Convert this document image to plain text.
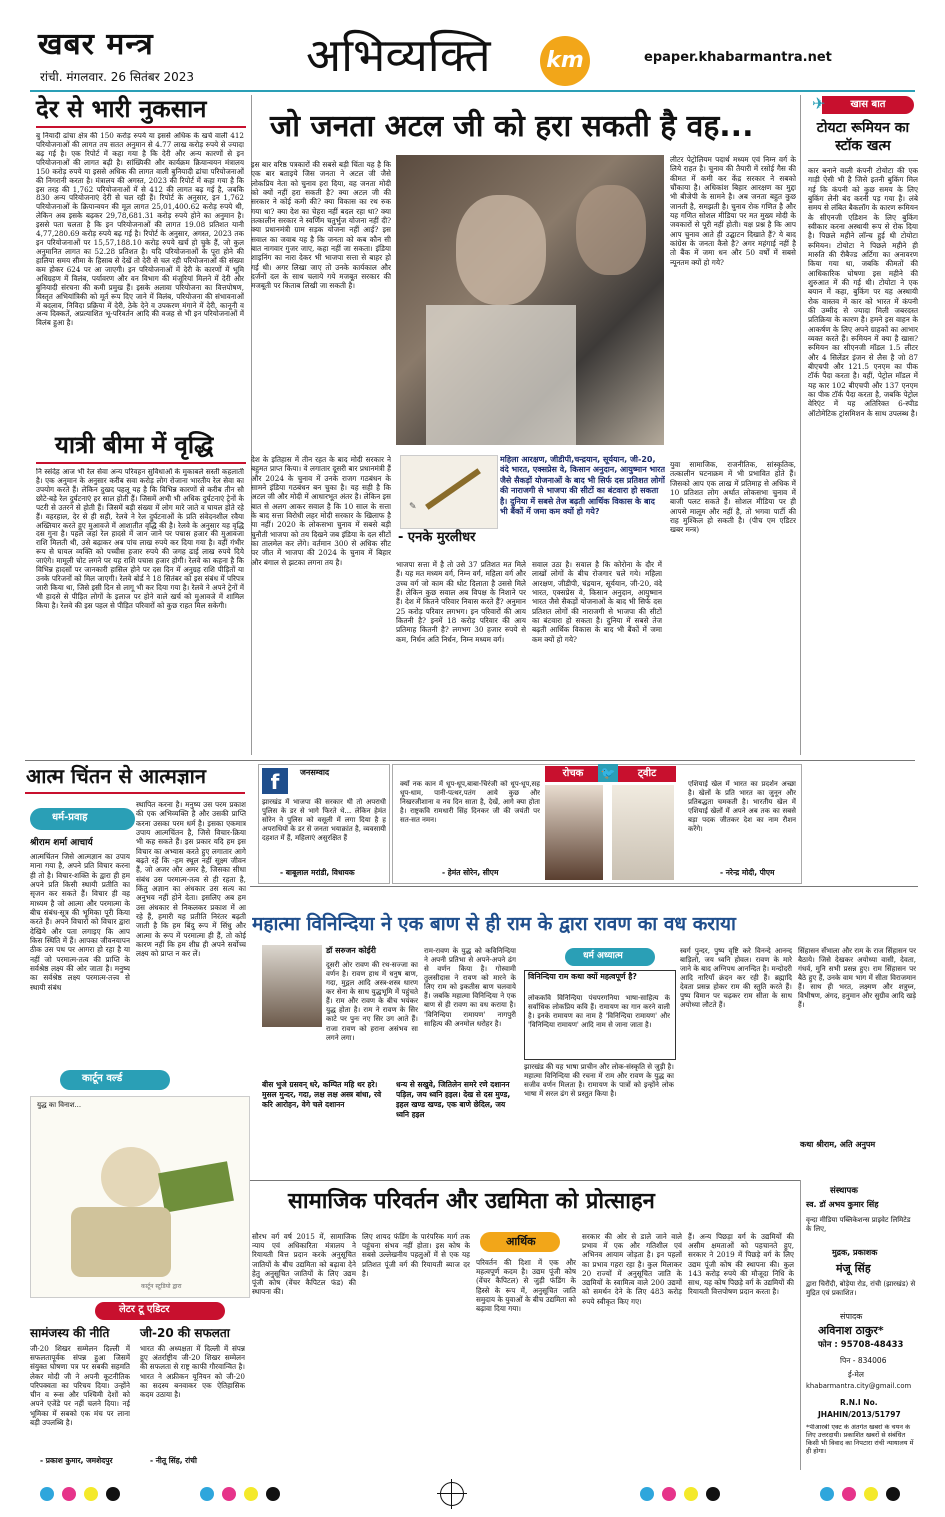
खबर मन्त्र
रांची. मंगलवार. 26 सितंबर 2023 अभिव्यक्ति	km	epaper.khabarmantra.net
देर से भारी नुकसान
बु नियादी ढांचा क्षेत्र की 150 करोड़ रुपये या इससे अधिक के खर्च वाली 412 परियोजनाओं की लागत तय सतत अनुमान से 4.77 लाख करोड़ रुपये से ज्यादा बढ़ गई है। एक रिपोर्ट में कहा गया है कि देरी और अन्य कारणों से इन परियोजनाओं की लागत बढ़ी है। सांख्यिकी और कार्यक्रम क्रियान्वयन मंत्रालय 150 करोड़ रुपये या इससे अधिक की लागत वाली बुनियादी ढांचा परियोजनाओं की निगरानी करता है। मंत्रालय की अगस्त, 2023 की रिपोर्ट में कहा गया है कि इस तरह की 1,762 परियोजनाओं में से 412 की लागत बढ़ गई है, जबकि 830 अन्य परियोजनाएं देरी से चल रही हैं। रिपोर्ट के अनुसार, इन 1,762 परियोजनाओं के क्रियान्वयन की मूल लागत 25,01,400.62 करोड़ रुपये थी, लेकिन अब इसके बढ़कर 29,78,681.31 करोड़ रुपये होने का अनुमान है। इससे पता चलता है कि इन परियोजनाओं की लागत 19.08 प्रतिशत यानी 4,77,280.69 करोड़ रुपये बढ़ गई है। रिपोर्ट के अनुसार, अगस्त, 2023 तक इन परियोजनाओं पर 15,57,188.10 करोड़ रुपये खर्च हो चुके हैं, जो कुल अनुमानित लागत का 52.28 प्रतिशत है। यदि परियोजनाओं के पूरा होने की हालिया समय सीमा के हिसाब से देखें तो देरी से चल रही परियोजनाओं की संख्या कम होकर 624 पर आ जाएगी। इन परियोजनाओं में देरी के कारणों में भूमि अधिग्रहण में विलंब, पर्यावरण और वन विभाग की मंजूरियां मिलने में देरी और बुनियादी संरचना की कमी प्रमुख हैं। इसके अलावा परियोजना का वित्तपोषण, विस्तृत अभियांत्रिकी को मूर्त रूप दिए जाने में विलंब, परियोजना की संभावनाओं में बदलाव, निविदा प्रक्रिया में देरी, ठेके देने व उपकरण मंगाने में देरी, कानूनी व अन्य दिक्कतें, अप्रत्याशित भू-परिवर्तन आदि की वजह से भी इन परियोजनाओं में विलंब हुआ है।
यात्री बीमा में वृद्धि
नि स्संदेह आज भी रेल सेवा अन्य परिवहन सुविधाओं के मुकाबले सस्ती कहलाती है। एक अनुमान के अनुसार करीब सवा करोड़ लोग रोजाना भारतीय रेल सेवा का उपयोग करते हैं। लेकिन दुखद पहलू यह है कि विभिन्न कारणों से करीब तीन सौ छोटे-बड़े रेल दुर्घटनाएं हर साल होती हैं। जिसमें अभी भी अधिक दुर्घटनाएं ट्रेनों के पटरी से उतरने से होती हैं। जिसमें बड़ी संख्या में लोग मारे जाते व घायल होते रहे हैं। वहरहाल, देर से ही सही, रेलवे ने रेल दुर्घटनाओं के प्रति संवेदनशील रवैया अख्तियार करते हुए मुआवजे में आशातीत वृद्धि की है। रेलवे के अनुसार यह वृद्धि दस गुना है। पहले जहां रेल हादसे में जान जाने पर पचास हजार की मुआवजा राशि मिलती थी, उसे बढ़ाकर अब पांच लाख रुपये कर दिया गया है। वहीं गंभीर रूप से घायल व्यक्ति को पच्चीस हजार रुपये की जगह ढाई लाख रुपये दिये जाएंगे। मामूली चोट लगने पर यह राशि पचास हजार होगी। रेलवे का कहना है कि विभिन्न हादसों पर जानकारी हासिल होने पर दस दिन में अनुग्रह राशि पीड़ितों या उनके परिजनों को मिल जाएगी। रेलवे बोर्ड ने 18 सितंबर को इस संबंध में परिपत्र जारी किया था, जिसे इसी दिन से लागू भी कर दिया गया है। रेलवे ने अपने ट्रेनों में भी हादसे से पीड़ित लोगों के इलाज पर होने वाले खर्च को मुआवजे में शामिल किया है। रेलवे की इस पहल से पीड़ित परिवारों को कुछ राहत मिल सकेगी।
जो जनता अटल जी को हरा सकती है वह...
इस बार वरिष्ठ पत्रकारों की सबसे बड़ी चिंता यह है कि एक बार बताइये जिस जनता ने अटल जी जैसे लोकप्रिय नेता को चुनाव हरा दिया, वह जनता मोदी को क्यों नहीं हरा सकती है? क्या अटल जी की सरकार ने कोई कमी की? क्या विकास का रथ रुक गया था? क्या देश का चेहरा नहीं बदल रहा था? क्या तत्कालीन सरकार ने स्वर्णिम चतुर्भुज योजना नहीं दी? क्या प्रधानमंत्री ग्राम सड़क योजना नहीं आई? इस सवाल का जवाब यह है कि जनता को कब कौन सी बात नागवार गुजर जाए, कहा नहीं जा सकता। इंडिया शाइनिंग का नारा देकर भी भाजपा सत्ता से बाहर हो गई थी। अगर लिखा जाए तो उनके कार्यकाल और दर्जनों दल के साथ चलाये गये मजबूत सरकार की मजबूती पर किताब लिखी जा सकती है।
देश के इतिहास में तीन रहत के बाद मोदी सरकार ने बहुमत प्राप्त किया। वे लगातार दूसरी बार प्रधानमंत्री हैं और 2024 के चुनाव में उनके राजग गठबंधन के सामने इंडिया गठबंधन बन चुका है। यह सही है कि अटल जी और मोदी में आधारभूत अंतर है। लेकिन इस बात से अलग आकर सवाल है कि 10 साल के सत्ता के बाद सत्ता विरोधी लहर मोदी सरकार के खिलाफ है या नहीं। 2020 के लोकसभा चुनाव में सबसे बड़ी चुनौती भाजपा को तय दिखने जब इंडिया के दल सीटों का तालमेल कर लेंगे। वर्तमान 300 से अधिक सीट पर जीत में भाजपा की 2024 के चुनाव में बिहार और बंगाल से झटका लगना तय है।
लीटर पेट्रोलियम पदार्थ मध्यम एवं निम्न वर्ग के लिये राहत है। चुनाव की तैयारी में रसोई गैस की कीमत में कमी कर केंद्र सरकार ने सबको चौंकाया है। अधिकांश बिहार आरक्षण का मुद्दा भी बीजेपी के सामने है। अब जनता बहुत कुछ जानती है, समझती है। चुनाव रोक गणित है और यह गणित सोशल मीडिया पर मत मुख्य मोदी के जवकारों से पूरी नहीं होती। यक्ष प्रश्न है कि आप आप चुनाव आते ही उद्घाटन दिखाते हैं? ये बाद कांग्रेस के जनता कैसे है? अगर महंगाई नहीं है तो बैंक में जमा धन और 50 वर्षों में सबसे न्यूनतम क्यों हो गये?
✎
- एनके मुरलीधर
महिला आरक्षण, जीडीपी,चन्द्रयान, सूर्ययान, जी-20, वंदे भारत, एक्सप्रेस वे, किसान अनुदान, आयुष्मान भारत जैसे सैकड़ों योजनाओं के बाद भी सिर्फ दस प्रतिशत लोगों की नाराजगी से भाजपा की सीटों का बंटवारा हो सकता है। दुनिया में सबसे तेज बढ़ती आर्थिक विकास के बाद भी बैंकों में जमा कम क्यों हो गये?
भाजपा सत्ता में है तो उसे 37 प्रतिशत मत मिले हैं। यह मत मध्यम वर्ग, निम्न वर्ग, महिला वर्ग और उच्च वर्ग जो काम की थोट दिलाता है उससे मिले हैं। लेकिन कुछ सवाल अब विपक्ष के निशाने पर हैं। देश में कितने परिवार निवास करते हैं? अनुमान 25 करोड़ परिवार लगभग। इन परिवारों की आय कितनी है? इनमें 18 करोड़ परिवार की आय प्रतिमाह कितनी है? लगभग 30 हजार रुपये से कम, निर्धन अति निर्धन, निम्न मध्यम वर्ग।
सवाल उठा है। सवाल है कि कोरोना के दौर में लाखों लोगों के बीच रोजगार चले गये। महिला आरक्षण, जीडीपी, चंद्रयान, सूर्ययान, जी-20, वंदे भारत, एक्सप्रेस वे, किसान अनुदान, आयुष्मान भारत जैसे सैकड़ों योजनाओं के बाद भी सिर्फ दस प्रतिशत लोगों की नाराजगी से भाजपा की सीटों का बंटवारा हो सकता है। दुनिया में सबसे तेज बढ़ती आर्थिक विकास के बाद भी बैंकों में जमा कम क्यों हो गये?
युवा सामाजिक, राजनीतिक, सांस्कृतिक, तत्कालीन घटनाक्रम में भी प्रभावित होते हैं। जिसको आप एक लाख में प्रतिमाह से अधिक में 10 प्रतिशत लोग अर्थात लोकसभा चुनाव में बाजी पलट सकते हैं। सोशल मीडिया पर ही आपसे मालूम और नहीं है, तो भगवा पार्टी की राह मुश्किल हो सकती है। (पीच एम एडिटर खबर मन्त्र)
खास बात
✈
टोयटा रूमियन का स्टॉक खत्म
कार बनाने वाली कंपनी टोयोटा की एक गाड़ी ऐसी भी है जिसे इतनी बुकिंग मिल गई कि कंपनी को कुछ समय के लिए बुकिंग लेनी बंद करनी पड़ गया है। लंबे समय से लंबित बैकलॉग के कारण रूमियन के सीएनजी एडिशन के लिए बुकिंग स्वीकार करना अस्थायी रूप से रोक दिया है। पिछले महीने लॉन्च हुई थी टोयोटा रूमियन। टोयोटा ने पिछले महीने ही मारुति की रीबैज्ड अर्टिगा का अनावरण किया गया था, जबकि कीमतों की आधिकारिक घोषणा इस महीने की शुरुआत में की गई थी। टोयोटा ने एक बयान में कहा, बुकिंग पर यह अस्थायी रोक वास्तव में कार को भारत में कंपनी की उम्मीद से ज्यादा मिली जबरदस्त प्रतिक्रिया के कारण है। हमने इस वाहन के आकर्षण के लिए अपने ग्राहकों का आभार व्यक्त करते हैं। रूमियन में क्या है खास? रूमियन का सीएनजी मॉडल 1.5 लीटर और 4 सिलेंडर इंजन से लैस है जो 87 बीएचपी और 121.5 एनएम का पीक टॉर्क पैदा करता है। वहीं, पेट्रोल मॉडल में यह कार 102 बीएचपी और 137 एनएम का पीक टॉर्क पैदा करता है, जबकि पेट्रोल वेरिएंट में यह अतिरिक्त 6-स्पीड ऑटोमेटिक ट्रांसमिशन के साथ उपलब्ध है।
आत्म चिंतन से आत्मज्ञान
धर्म-प्रवाह
श्रीराम शर्मा आचार्य
आत्मचिंतन जिसे आत्मज्ञान का उपाय माना गया है, अपने प्रति विचार करना ही तो है। विचार-शक्ति के द्वारा ही हम अपने प्रति किसी स्थायी प्रतीति का सृजन कर सकते हैं। विचार ही वह माध्यम है जो आत्मा और परमात्मा के बीच संबंध-सूत्र की भूमिका पूरी किया करते हैं। अपने विचारों को विचार द्वारा देखिये और पता लगाइए कि आप किस स्थिति में हैं। आपका जीवनयापन ठीक उस पथ पर आगरा हो रहा है या नहीं जो परमात्म-तत्व की प्राप्ति के सर्वश्रेष्ठ लक्ष्य की ओर जाता है। मनुष्य का सर्वश्रेष्ठ लक्ष्य परमात्म-तत्त्व से स्थायी संबंध
स्थापित करना है। मनुष्य उस परम प्रकाश की एक अभिव्यक्ति है और उसकी प्राप्ति करना उसका परम धर्म है। इसका एकमात्र उपाय आत्मचिंतन है, जिसे विचार-क्रिया भी कह सकते हैं। इस प्रकार यदि हम इस विचार का अभ्यास करते हुए लगातार आगे बढ़ते रहें कि -हम स्थूल नहीं सूक्ष्म जीवन हैं, जो अजर और अमर है, जिसका सीधा संबंध उस परमात्म-तत्व से ही रहता है, किंतु अज्ञान का अंधकार उस सत्य का अनुभव नहीं होने देता। इसलिए अब हम उस अंधकार से निकलकर प्रकाश में आ रहे हैं, हमारी यह प्रतीति निरंतर बढ़ती जाती है कि हम बिंदु रूप में सिंधु और आत्मा के रूप में परमात्मा ही हैं, तो कोई कारण नहीं कि हम शीघ्र ही अपने सर्वोच्च लक्ष्य को प्राप्त न कर लें।
f	जनसम्वाद
झारखंड में भाजपा की सरकार थी तो अपराधी पुलिस के डर से भागे फिरते थे... लेकिन हेमंत सोरेन ने पुलिस को वसूली में लगा दिया है ह अपराधियों के डर से जनता भयाक्रांत है, व्यवसायी दहशत में हैं, महिलाएं असुरक्षित हैं
- बाबूलाल मरांडी, विधायक
रोचक	🐦	ट्वीट
क्यों नक कान में धूप-धूप,बाबा-चिरंजी को धूप-धूप,सह धूप-धाम, पानी-पत्थर,पतंग आये कुछ और निखरजीशाना व नव दिन साता है, देखें, आगे क्या होता है। राष्ट्रकवि रामधारी सिंह दिनकर जी की जयंती पर सत-सत नमन।
- हेमंत सोरेन, सीएम
एशियाई खेल में भारत का प्रदर्शन अच्छा है। खेलों के प्रति भारत का जुनून और प्रतिबद्धता चमकती है। भारतीय खेल में एशियाई खेलों में अपने अब तक का सबसे बड़ा पदक जीतकर देश का नाम रौशन करेंगे।
- नरेन्द्र मोदी, पीएम
महात्मा विनिन्दिया ने एक बाण से ही राम के द्वारा रावण का वध कराया
डॉ सरुजन कोईरी
दूसरी ओर रावण की रथ-सज्जा का वर्णन है। रावण हाथ में धनुष बाण, गदा, मुद्गल आदि अस्त्र-शस्त्र धारण कर सेना के साथ युद्धभूमि में पहुंचते हैं। राम और रावण के बीच भयंकर युद्ध होता है। राम ने रावण के सिर काटे पर पुनः नए सिर उग आते हैं। राजा रावण को हराना असंभव सा लगने लगा।
राम-रावण के युद्ध को कविनिन्दिया ने अपनी प्रतिभा से अपने-अपने ढंग से वर्णन किया है। गोस्वामी तुलसीदास ने रावण को मारने के लिए राम को इकतीस बाण चलवाये हैं। जबकि महात्मा विनिन्दिया ने एक बाण से ही रावण का वध कराया है। 'विनिन्दिया रामायण' नागपुरी साहित्य की अनमोल धरोहर है।
धर्म अध्यात्म
विनिन्दिया राम कथा क्यों महत्वपूर्ण है?
लोककवि विनिन्दिया पंचपरगनिया भाषा-साहित्य के सर्वाधिक लोकप्रिय कवि हैं। रामायण का गान करने वाली है। इनके रामायण का नाम है 'विनिन्दिया रामायण' और 'विनिन्दिया रामायण' आदि नाम से जाना जाता है।
झारखंड की यह भाषा प्राचीन और लोक-संस्कृति से जुड़ी है। महात्मा विनिन्दिया की रचना में राम और रावण के युद्ध का सजीव वर्णन मिलता है। रामायण के पात्रों को इन्होंने लोक भाषा में सरल ढंग से प्रस्तुत किया है।
स्वर्ग पुन्दर, पुष्प वृष्टि करे विनन्दे आनन्द बाड़िलो, जय ध्वनि होवल। रावण के मारे जाने के बाद अग्निपथ आनन्दित है। मन्दोदरी आदि नारियाँ क्रंदन कर रही हैं। ब्रह्मादि देवता प्रसन्न होकर राम की स्तुति करते हैं। पुष्प विमान पर चढ़कर राम सीता के साथ अयोध्या लौटते हैं।
सिंहासन सँभाला और राम के राज सिंहासन पर बैठाये। जिसे देखकर अयोध्या वासी, देवता, गंधर्व, मुनि सभी प्रसन्न हुए। राम सिंहासन पर बैठे हुए हैं, उनके वाम भाग में सीता विराजमान हैं। साथ ही भरत, लक्ष्मण और शत्रुघ्न, विभीषण, अंगद, हनुमान और सुग्रीव आदि खड़े हैं।
कथा श्रीराम, अति अनुपम
बीस भुजे ग्रसवन् धरे, कम्पित महि थर हरे। मुसल मुन्दर, गदा, लक्ष लक्ष अस्त्र बांधा, रवे करि आरोहन, वेगे चले दशानन
धन्य से सखुवे, जितिलेन समरे रणे दशानन पड़िल, जय ध्वनि हइल। देख से दस मुण्ड, इहल खण्ड खण्ड, एक बाणे छेदिल, जय ध्वनि हइल
कार्टून वर्ल्ड
युद्ध का विनाश...
कार्टून स्टूडियो द्वारा
लेटर टू एडिटर
सामंजस्य की नीति
जी-20 शिखर सम्मेलन दिल्ली में सफलतापूर्वक संपन्न हुआ जिसमें संयुक्त घोषणा पत्र पर सबकी सहमति लेकर मोदी जी ने अपनी कूटनीतिक परिपक्वता का परिचय दिया। उन्होंने चीन व रूस और पश्चिमी देशों को अपने एजेंडे पर नहीं चलने दिया। नई भूमिका में सबको एक मंच पर लाना बड़ी उपलब्धि है।
- प्रकाश कुमार, जमशेदपुर
जी-20 की सफलता
भारत की अध्यक्षता में दिल्ली में संपन्न हुए अंतर्राष्ट्रीय जी-20 शिखर सम्मेलन की सफलता से राष्ट्र काफी गौरवान्वित है। भारत ने अफ्रीकन यूनियन को जी-20 का सदस्य बनवाकर एक ऐतिहासिक कदम उठाया है।
- नीतू सिंह, रांची
सामाजिक परिवर्तन और उद्यमिता को प्रोत्साहन
आर्थिक
सौरभ वर्ग वर्ष 2015 में, सामाजिक न्याय एवं अधिकारिता मंत्रालय ने रियायती वित्त प्रदान करके अनुसूचित जातियों के बीच उद्यमिता को बढ़ावा देने हेतु अनुसूचित जातियों के लिए उद्यम पूंजी कोष (वेंचर कैपिटल फंड) की स्थापना की।
लिए शायद फंडिंग के पारंपरिक मार्ग तक पहुंचना संभव नहीं होता। इस कोष के सबसे उल्लेखनीय पहलुओं में से एक यह प्रतिशत पूंजी वर्ग की रियायती ब्याज दर है।
परिवर्तन की दिशा में एक और महत्वपूर्ण कदम है। उद्यम पूंजी कोष (वेंचर कैपिटल) से जुड़ी फंडिंग के हिस्से के रूप में, अनुसूचित जाति समुदाय के युवाओं के बीच उद्यमिता को बढ़ावा दिया गया।
सरकार की ओर से डाले जाने वाले प्रभाव में एक और गतिशील एवं अभिनव आयाम जोड़ता है। इन पहलों का प्रभाव गहरा रहा है। कुल मिलाकर 20 राज्यों में अनुसूचित जाति के उद्यमियों के स्वामित्व वाले 200 उद्यमों को समर्थन देने के लिए 483 करोड़ रुपये स्वीकृत किए गए।
हैं। अन्य पिछड़ा वर्ग के उद्यमियों की असीम क्षमताओं को पहचानते हुए, सरकार ने 2019 में पिछड़े वर्ग के लिए उद्यम पूंजी कोष की स्थापना की। कुल 143 करोड़ रुपये की मौजूदा निधि के साथ, यह कोष पिछड़े वर्ग के उद्यमियों की रियायती वित्तपोषण प्रदान करता है।
संस्थापक
स्व. डॉ अभय कुमार सिंह
वृन्दा मीडिया पब्लिकेशन्स प्राइवेट लिमिटेड के लिए,
मुद्रक, प्रकाशक
मंजू सिंह
द्वारा चिरौंदी, बोड़ेया रोड, रांची (झारखंड) से मुद्रित एवं प्रकाशित।
संपादक
अविनाश ठाकुर*
फोन : 95708-48433
पिन - 834006
ई-मेल
khabarmantra.city@gmail.com
R.N.I No.
JHAHIN/2013/51797
*पीआरबी एक्ट के अंतर्गत खबरों के चयन के लिए उत्तरदायी। प्रकाशित खबरों से संबंधित किसी भी विवाद का निपटारा रांची न्यायालय में ही होगा।
